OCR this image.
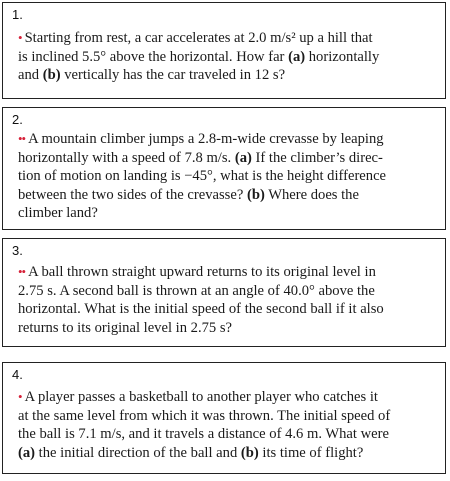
1.
• Starting from rest, a car accelerates at 2.0 m/s² up a hill that
is inclined 5.5° above the horizontal. How far (a) horizontally
and (b) vertically has the car traveled in 12 s?
2.
•• A mountain climber jumps a 2.8-m-wide crevasse by leaping
horizontally with a speed of 7.8 m/s. (a) If the climber’s direc-
tion of motion on landing is −45°, what is the height difference
between the two sides of the crevasse? (b) Where does the
climber land?
3.
•• A ball thrown straight upward returns to its original level in
2.75 s. A second ball is thrown at an angle of 40.0° above the
horizontal. What is the initial speed of the second ball if it also
returns to its original level in 2.75 s?
4.
• A player passes a basketball to another player who catches it
at the same level from which it was thrown. The initial speed of
the ball is 7.1 m/s, and it travels a distance of 4.6 m. What were
(a) the initial direction of the ball and (b) its time of flight?
